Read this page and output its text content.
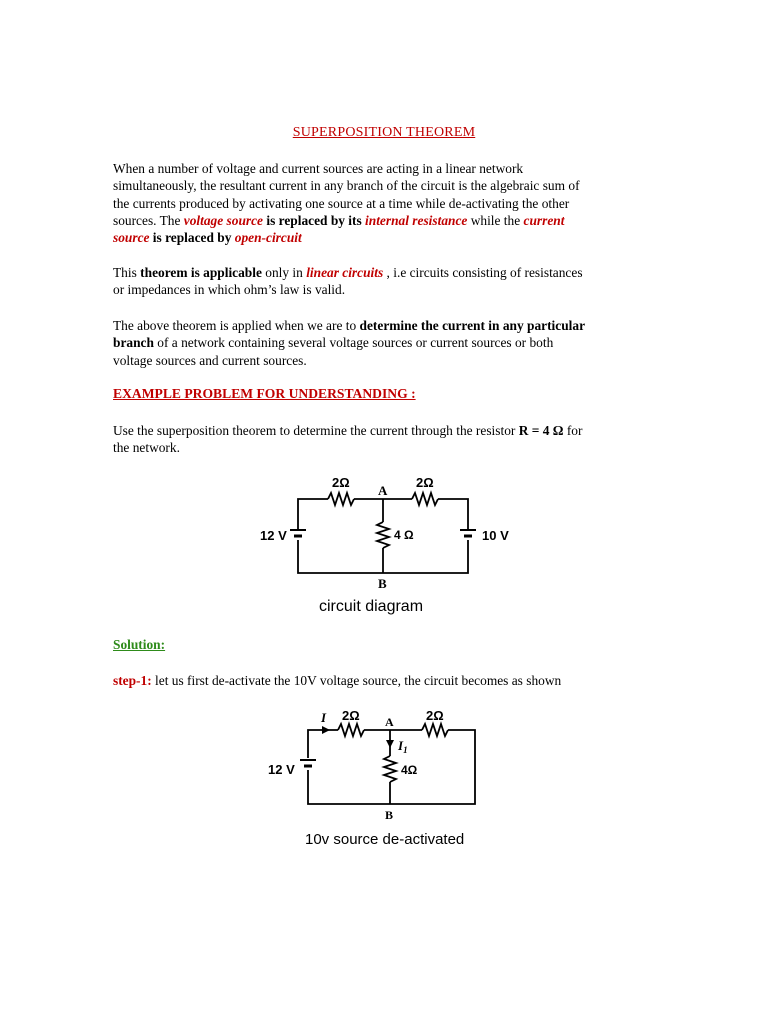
SUPERPOSITION THEOREM
When a number of voltage and current sources are acting in a linear network
simultaneously, the resultant current in any branch of the circuit is the algebraic sum of
the currents produced by activating one source at a time while de-activating the other
sources. The voltage source is replaced by its internal resistance while the current
source is replaced by open-circuit
This theorem is applicable only in linear circuits , i.e circuits consisting of resistances
or impedances in which ohm’s law is valid.
The above theorem is applied when we are to determine the current in any particular
branch of a network containing several voltage sources or current sources or both
voltage sources and current sources.
EXAMPLE PROBLEM FOR UNDERSTANDING :
Use the superposition theorem to determine the current through the resistor R = 4 Ω for
the network.
2Ω
A
2Ω
12 V	4 Ω	10 V
B
circuit diagram
Solution:
step-1: let us first de-activate the 10V voltage source, the circuit becomes as shown
I 2Ω A 2Ω
$I_1$
12 V	4Ω
B
10v source de-activated
